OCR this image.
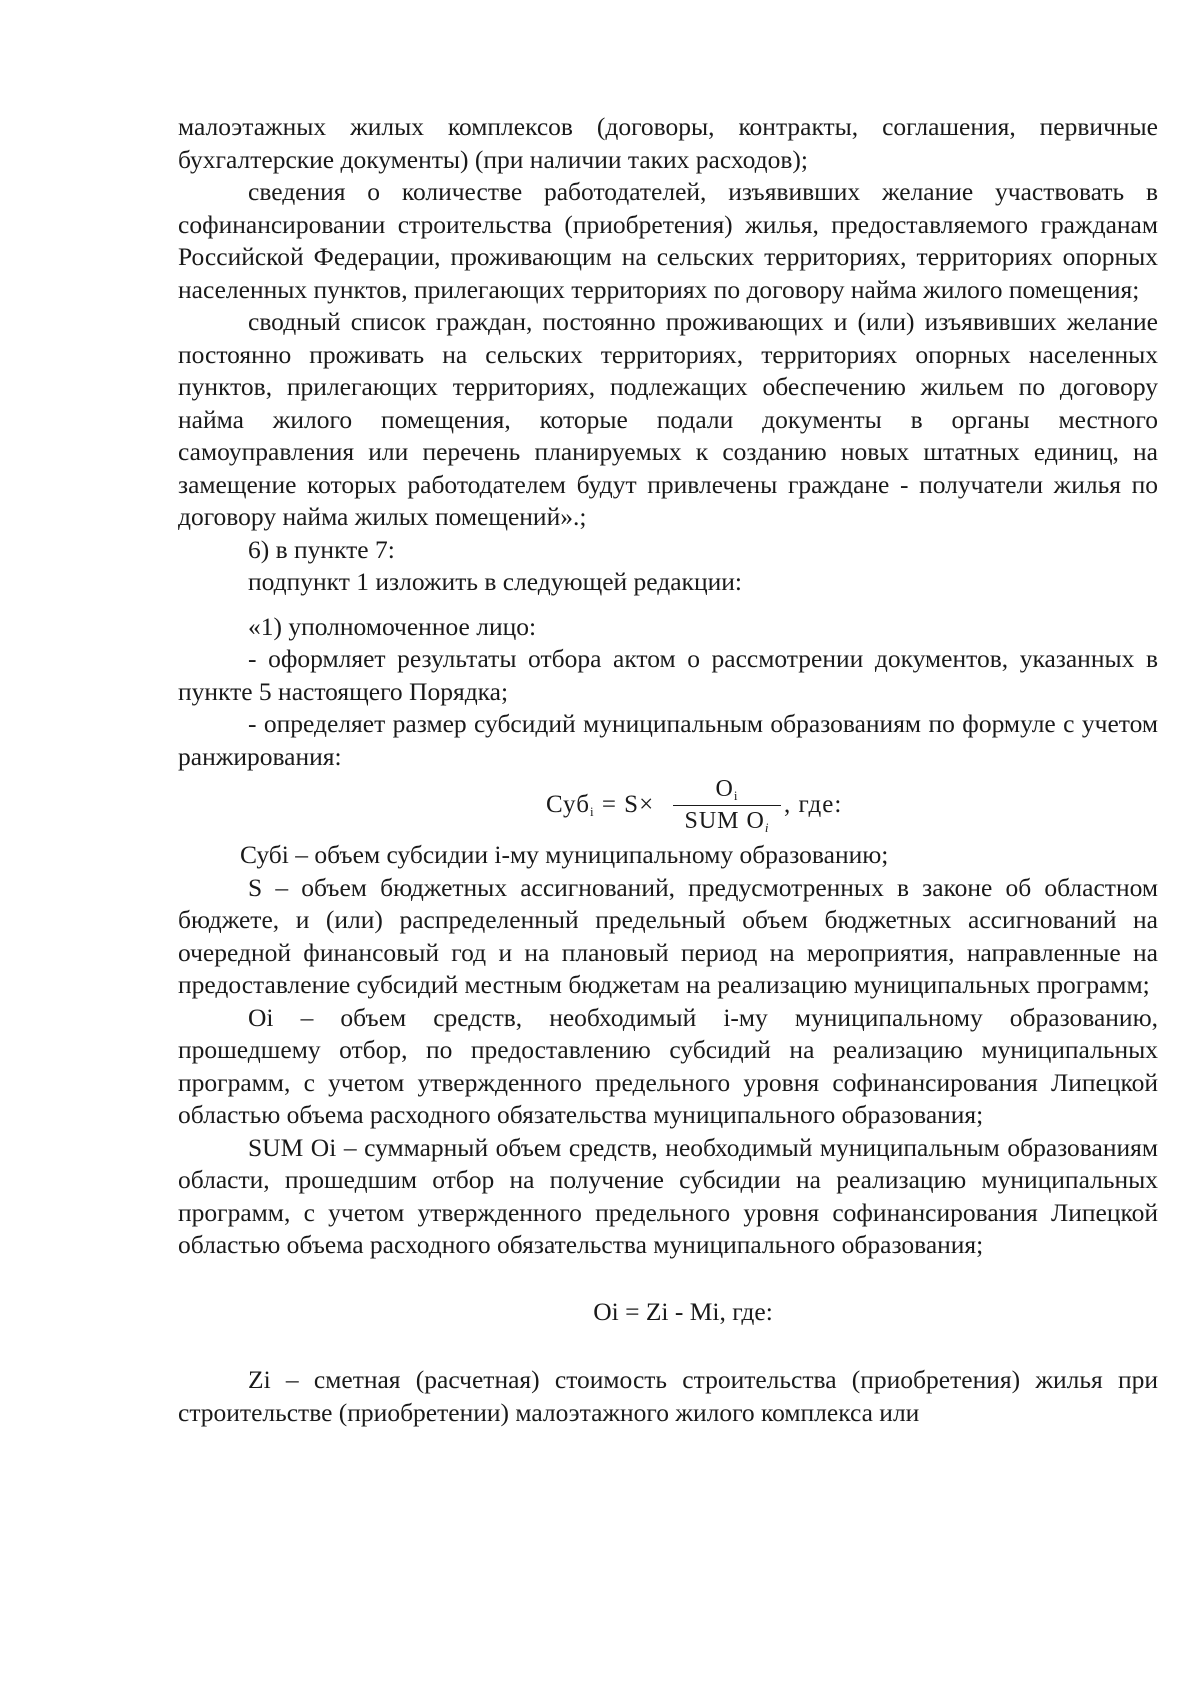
малоэтажных жилых комплексов (договоры, контракты, соглашения, первичные бухгалтерские документы) (при наличии таких расходов);

сведения о количестве работодателей, изъявивших желание участвовать в софинансировании строительства (приобретения) жилья, предоставляемого гражданам Российской Федерации, проживающим на сельских территориях, территориях опорных населенных пунктов, прилегающих территориях по договору найма жилого помещения;

сводный список граждан, постоянно проживающих и (или) изъявивших желание постоянно проживать на сельских территориях, территориях опорных населенных пунктов, прилегающих территориях, подлежащих обеспечению жильем по договору найма жилого помещения, которые подали документы в органы местного самоуправления или перечень планируемых к созданию новых штатных единиц, на замещение которых работодателем будут привлечены граждане - получатели жилья по договору найма жилых помещений».;

6) в пункте 7:

подпункт 1 изложить в следующей редакции:

«1) уполномоченное лицо:

- оформляет результаты отбора актом о рассмотрении документов, указанных в пункте 5 настоящего Порядка;

- определяет размер субсидий муниципальным образованиям по формуле с учетом ранжирования:

Суб$_i$ = S×
$O_i$
SUM $O_i$
, где:

Субі – объем субсидии і-му муниципальному образованию;

S – объем бюджетных ассигнований, предусмотренных в законе об областном бюджете, и (или) распределенный предельный объем бюджетных ассигнований на очередной финансовый год и на плановый период на мероприятия, направленные на предоставление субсидий местным бюджетам на реализацию муниципальных программ;

Oi – объем средств, необходимый і-му муниципальному образованию, прошедшему отбор, по предоставлению субсидий на реализацию муниципальных программ, с учетом утвержденного предельного уровня софинансирования Липецкой областью объема расходного обязательства муниципального образования;

SUM Oi – суммарный объем средств, необходимый муниципальным образованиям области, прошедшим отбор на получение субсидии на реализацию муниципальных программ, с учетом утвержденного предельного уровня софинансирования Липецкой областью объема расходного обязательства муниципального образования;

Oi = Zi - Mi, где:

Zi – сметная (расчетная) стоимость строительства (приобретения) жилья при строительстве (приобретении) малоэтажного жилого комплекса или
